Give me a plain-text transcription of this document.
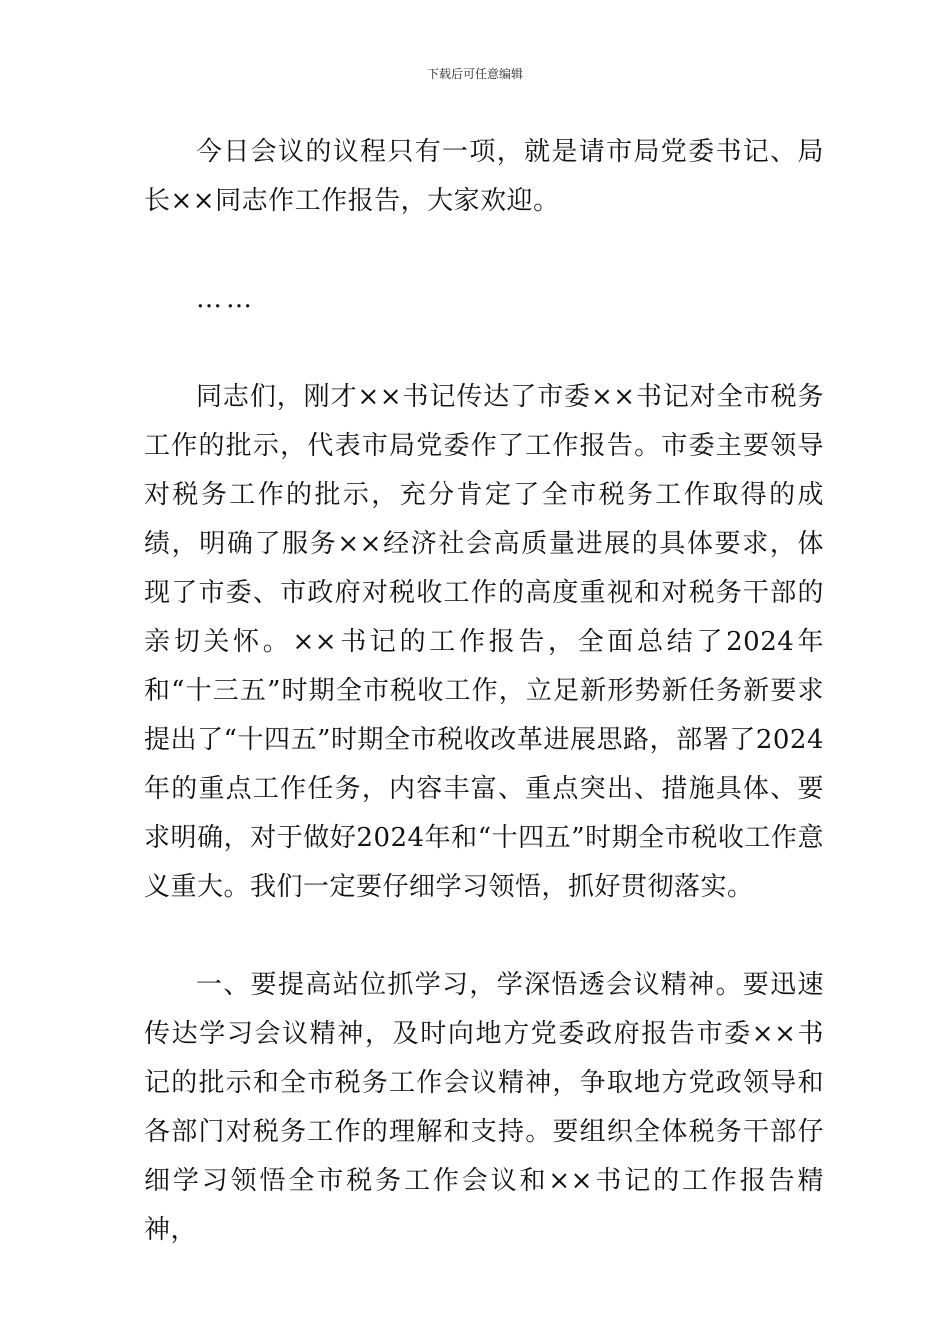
下载后可任意编辑

今日会议的议程只有一项，就是请市局党委书记、局长××同志作工作报告，大家欢迎。

……

同志们，刚才××书记传达了市委××书记对全市税务工作的批示，代表市局党委作了工作报告。市委主要领导对税务工作的批示，充分肯定了全市税务工作取得的成绩，明确了服务××经济社会高质量进展的具体要求，体现了市委、市政府对税收工作的高度重视和对税务干部的亲切关怀。××书记的工作报告，全面总结了2024年和“十三五”时期全市税收工作，立足新形势新任务新要求提出了“十四五”时期全市税收改革进展思路，部署了2024年的重点工作任务，内容丰富、重点突出、措施具体、要求明确，对于做好2024年和“十四五”时期全市税收工作意义重大。我们一定要仔细学习领悟，抓好贯彻落实。

一、要提高站位抓学习，学深悟透会议精神。要迅速传达学习会议精神，及时向地方党委政府报告市委××书记的批示和全市税务工作会议精神，争取地方党政领导和各部门对税务工作的理解和支持。要组织全体税务干部仔细学习领悟全市税务工作会议和××书记的工作报告精神，
